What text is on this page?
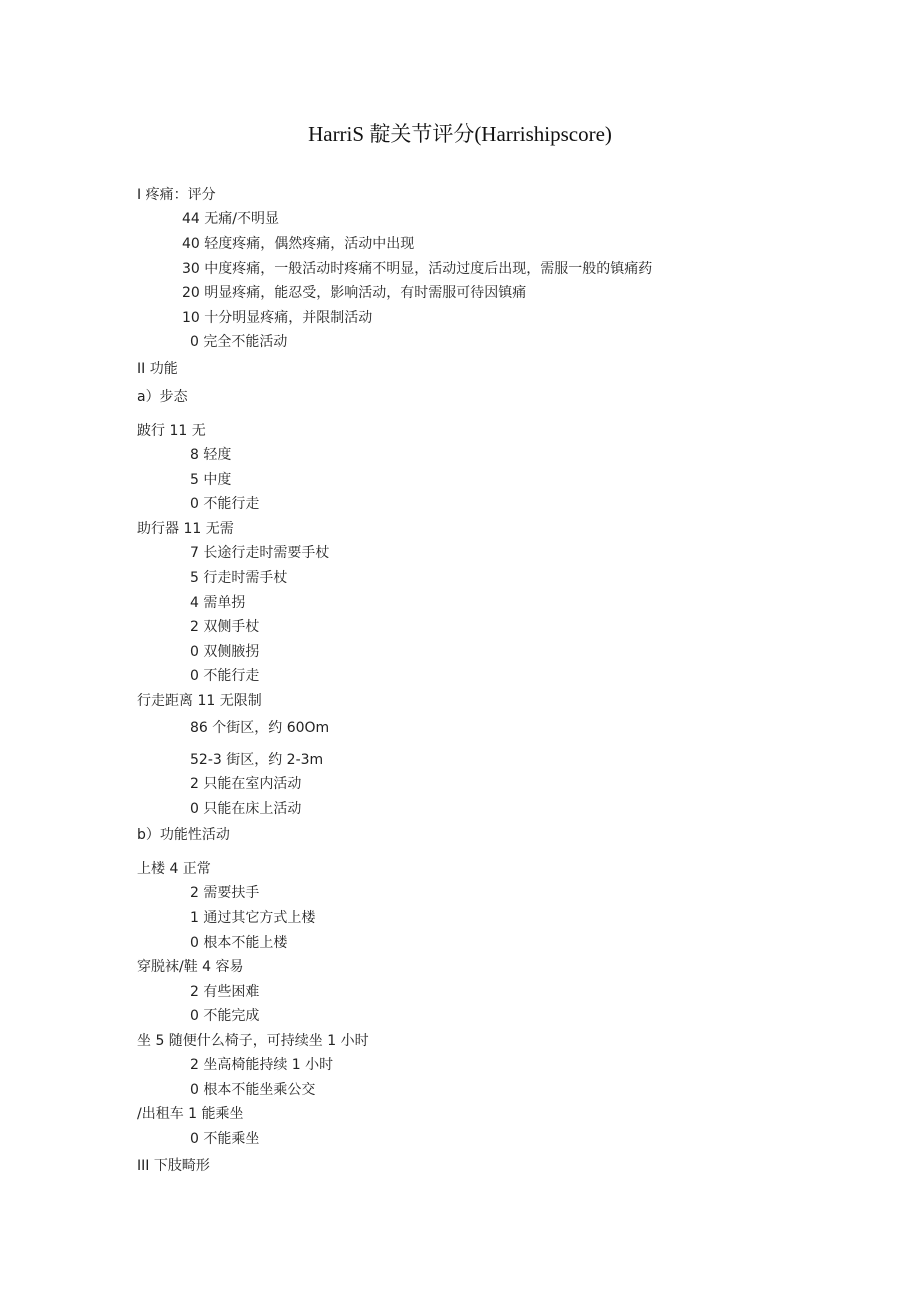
HarriS 靛关节评分(Harriship​score)
I 疼痛：评分
44 无痛/不明显
40 轻度疼痛，偶然疼痛，活动中出现
30 中度疼痛，一般活动时疼痛不明显，活动过度后出现，需服一般的镇痛药
20 明显疼痛，能忍受，影响活动，有时需服可待因镇痛
10 十分明显疼痛，并限制活动
0 完全不能活动
II 功能
a）步态
跛行 11 无
8 轻度
5 中度
0 不能行走
助行器 11 无需
7 长途行走时需要手杖
5 行走时需手杖
4 需单拐
2 双侧手杖
0 双侧腋拐
0 不能行走
行走距离 11 无限制
86 个街区，约 60Om
52-3 街区，约 2-3m
2 只能在室内活动
0 只能在床上活动
b）功能性活动
上楼 4 正常
2 需要扶手
1 通过其它方式上楼
0 根本不能上楼
穿脱袜/鞋 4 容易
2 有些困难
0 不能完成
坐 5 随便什么椅子，可持续坐 1 小时
2 坐高椅能持续 1 小时
0 根本不能坐乘公交
/出租车 1 能乘坐
0 不能乘坐
III 下肢畸形
